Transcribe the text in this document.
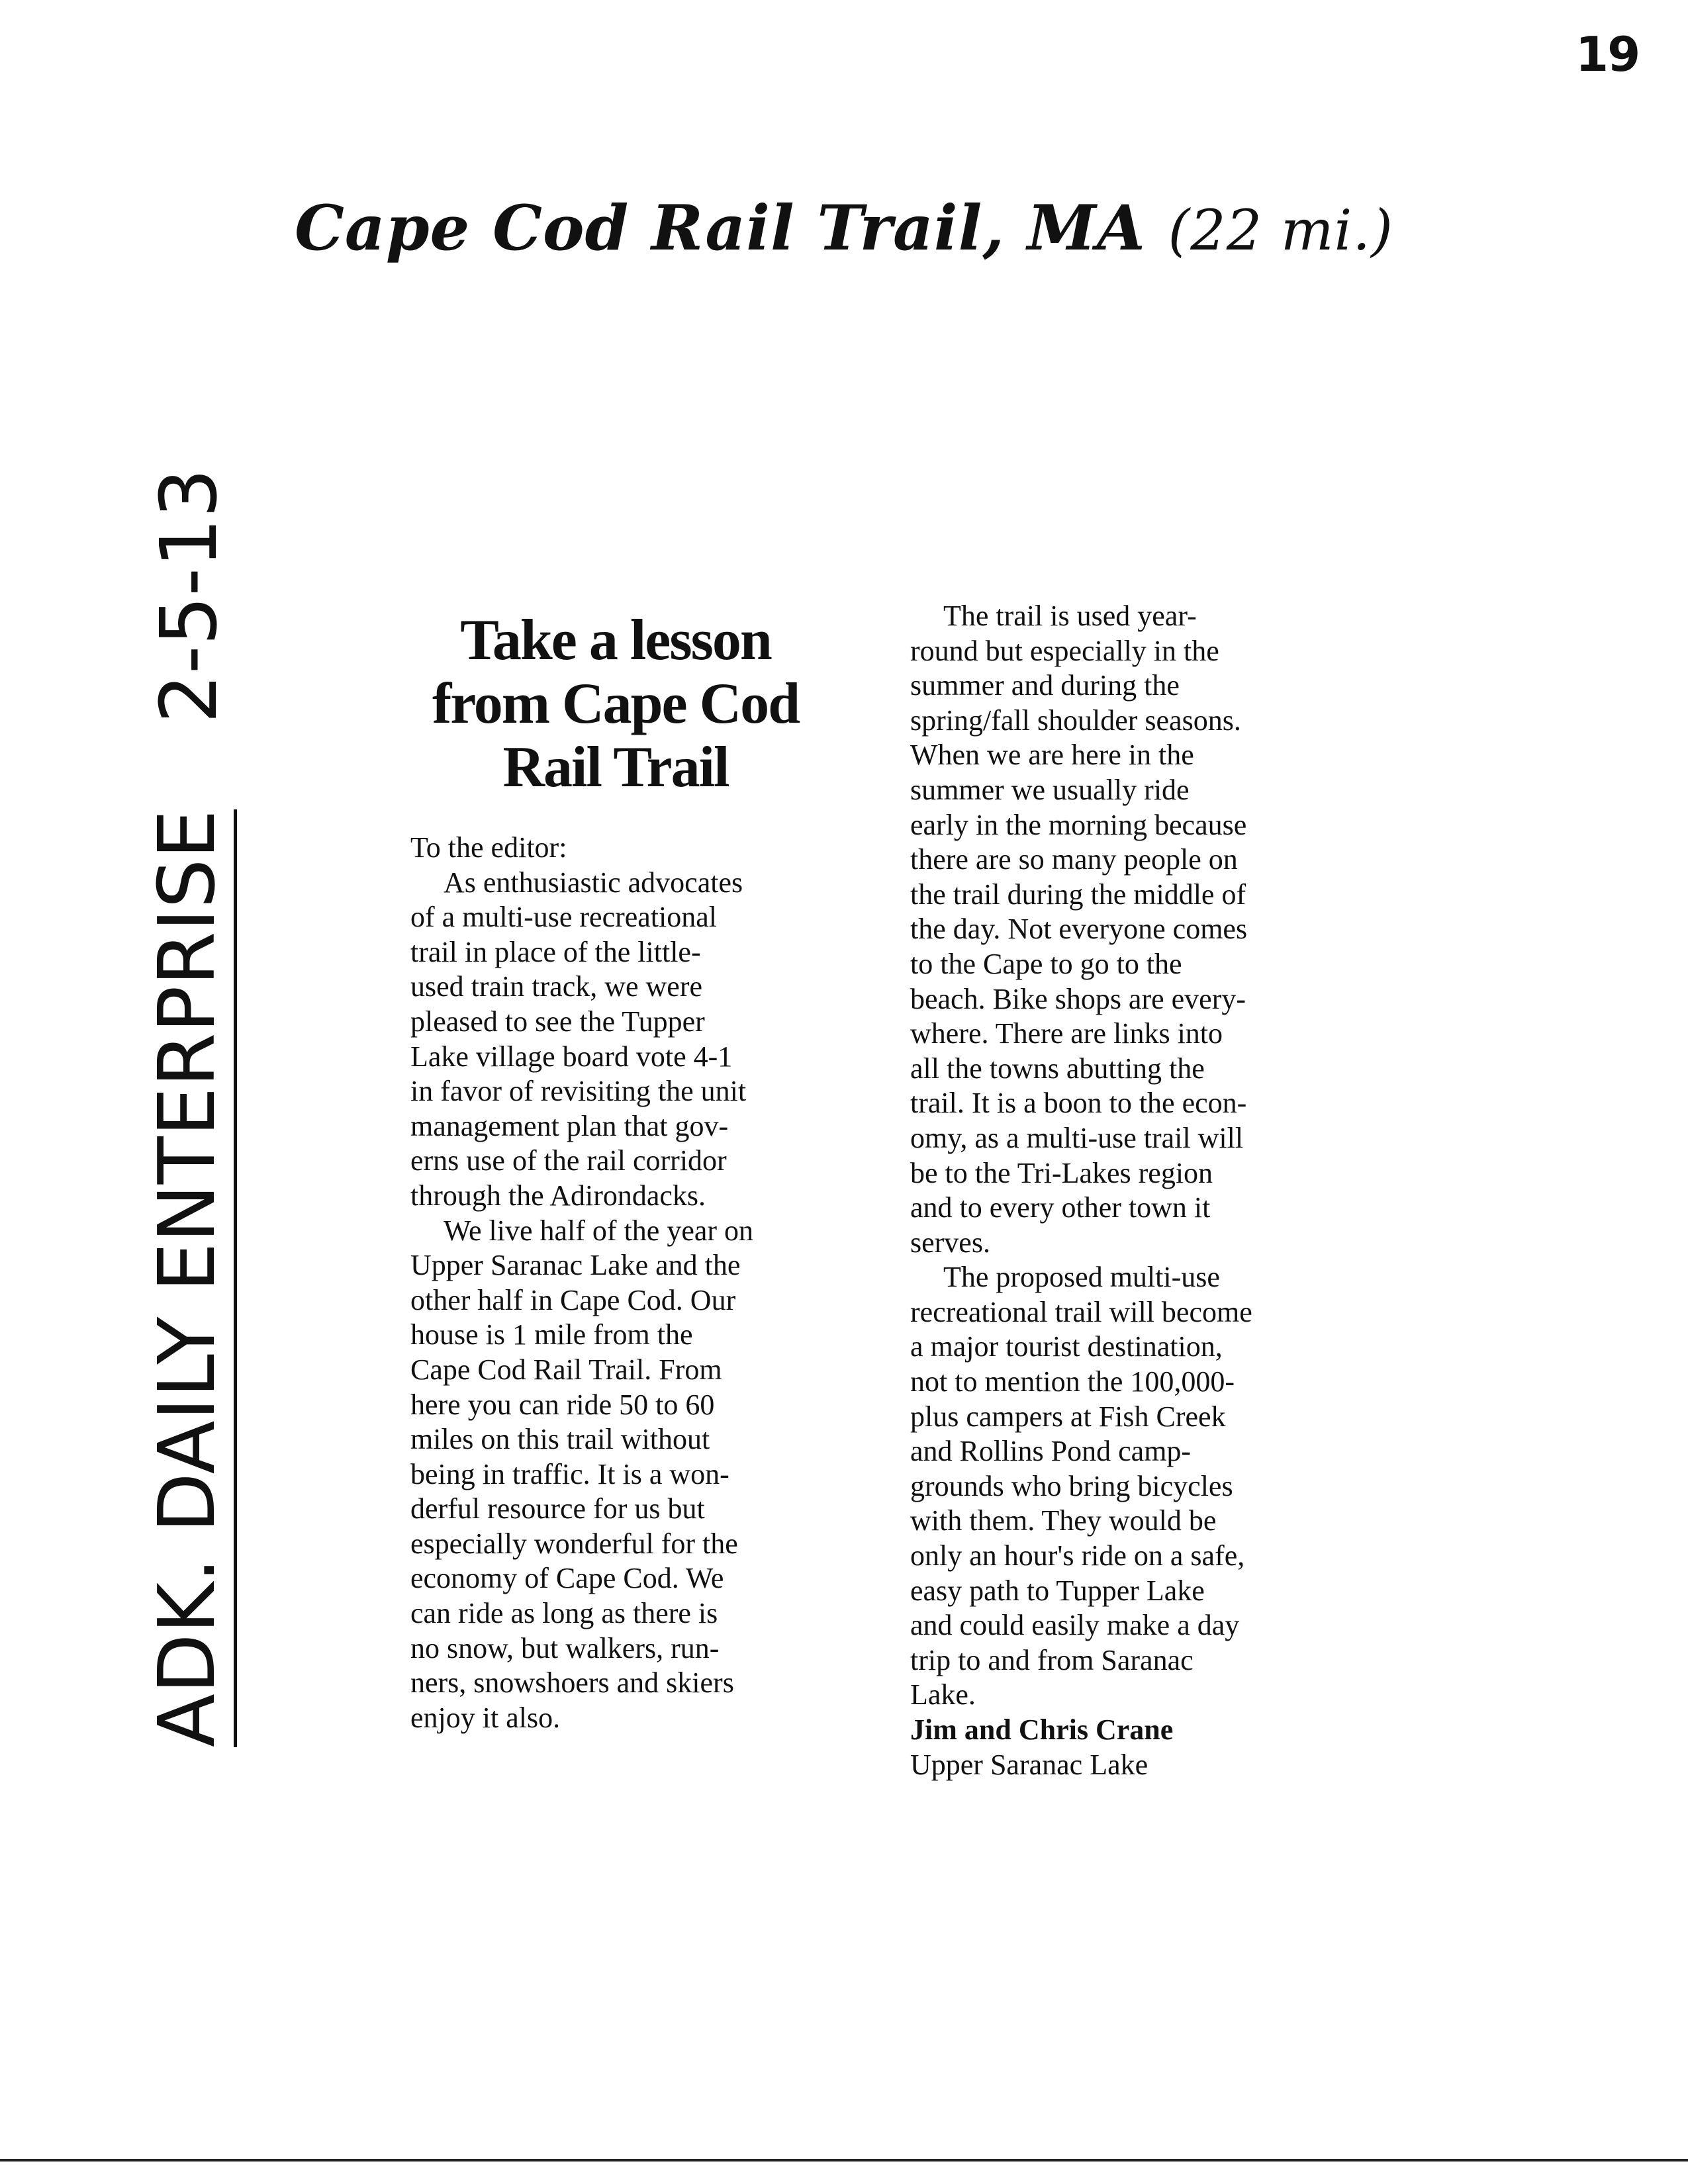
19
Cape Cod Rail Trail, MA (22 mi.)
ADK. DAILY ENTERPRISE
2-5-13	Take a lesson
from Cape Cod
Rail Trail
To the editor:
As enthusiastic advocates
of a multi-use recreational
trail in place of the little-
used train track, we were
pleased to see the Tupper
Lake village board vote 4-1
in favor of revisiting the unit
management plan that gov-
erns use of the rail corridor
through the Adirondacks.
We live half of the year on
Upper Saranac Lake and the
other half in Cape Cod. Our
house is 1 mile from the
Cape Cod Rail Trail. From
here you can ride 50 to 60
miles on this trail without
being in traffic. It is a won-
derful resource for us but
especially wonderful for the
economy of Cape Cod. We
can ride as long as there is
no snow, but walkers, run-
ners, snowshoers and skiers
enjoy it also.
The trail is used year-
round but especially in the
summer and during the
spring/fall shoulder seasons.
When we are here in the
summer we usually ride
early in the morning because
there are so many people on
the trail during the middle of
the day. Not everyone comes
to the Cape to go to the
beach. Bike shops are every-
where. There are links into
all the towns abutting the
trail. It is a boon to the econ-
omy, as a multi-use trail will
be to the Tri-Lakes region
and to every other town it
serves.
The proposed multi-use
recreational trail will become
a major tourist destination,
not to mention the 100,000-
plus campers at Fish Creek
and Rollins Pond camp-
grounds who bring bicycles
with them. They would be
only an hour's ride on a safe,
easy path to Tupper Lake
and could easily make a day
trip to and from Saranac
Lake.
Jim and Chris Crane
Upper Saranac Lake
